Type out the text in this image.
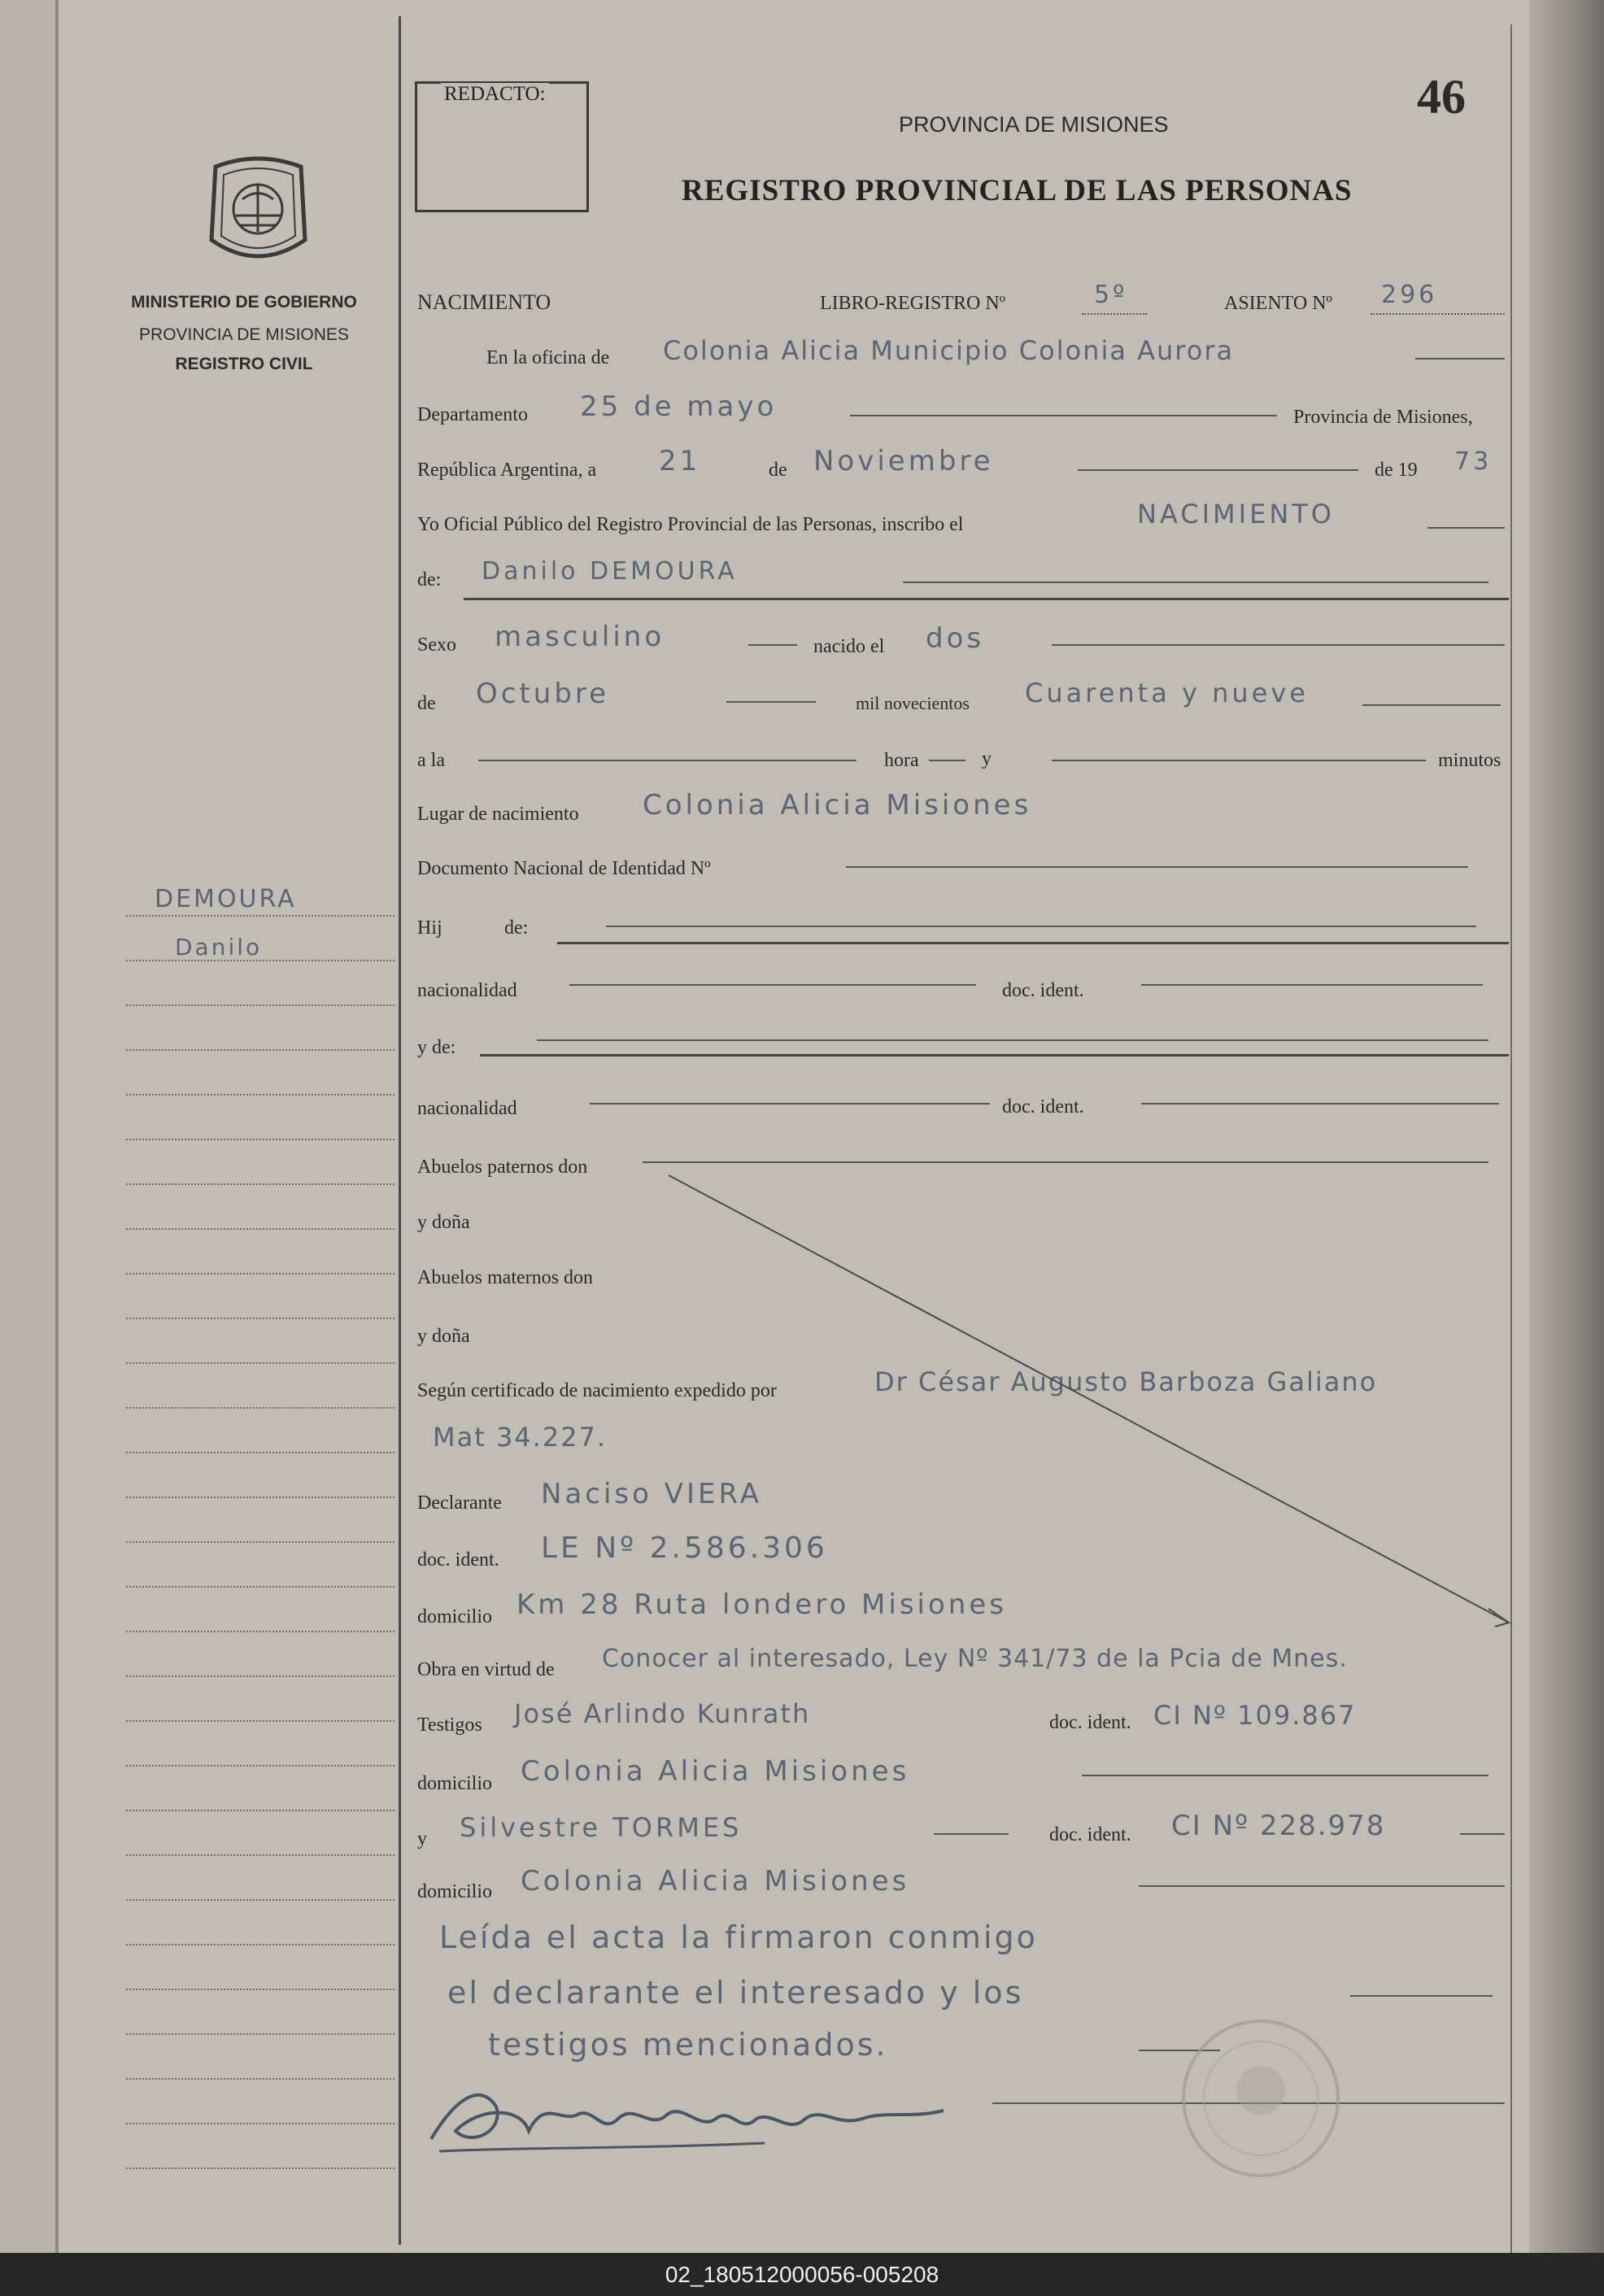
MINISTERIO DE GOBIERNO
PROVINCIA DE MISIONES
REGISTRO CIVIL
DEMOURA
Danilo
REDACTO:	46
PROVINCIA DE MISIONES
REGISTRO PROVINCIAL DE LAS PERSONAS
NACIMIENTO	LIBRO-REGISTRO Nº	5º	ASIENTO Nº 296
En la oficina de Colonia Alicia Municipio Colonia Aurora
Departamento 25 de mayo	Provincia de Misiones,
República Argentina, a 21	de Noviembre	de 19 73
Yo Oficial Público del Registro Provincial de las Personas, inscribo el	NACIMIENTO
de: Danilo DEMOURA
Sexo masculino	nacido el dos
de Octubre	mil novecientos Cuarenta y nueve
a la	hora	y	minutos
Lugar de nacimiento Colonia Alicia Misiones
Documento Nacional de Identidad Nº
Hij	de:
nacionalidad	doc. ident.
y de:
nacionalidad	doc. ident.
Abuelos paternos don
y doña
Abuelos maternos don
y doña
Según certificado de nacimiento expedido por	Dr César Augusto Barboza Galiano
Mat 34.227.
Declarante Naciso VIERA
doc. ident. LE Nº 2.586.306
domicilio Km 28 Ruta londero Misiones
Obra en virtud de Conocer al interesado, Ley Nº 341/73 de la Pcia de Mnes.
Testigos José Arlindo Kunrath	doc. ident. CI Nº 109.867
domicilio Colonia Alicia Misiones
y Silvestre TORMES	doc. ident. CI Nº 228.978
domicilio Colonia Alicia Misiones
Leída el acta la firmaron conmigo
el declarante el interesado y los
testigos mencionados.
02_180512000056-005208
